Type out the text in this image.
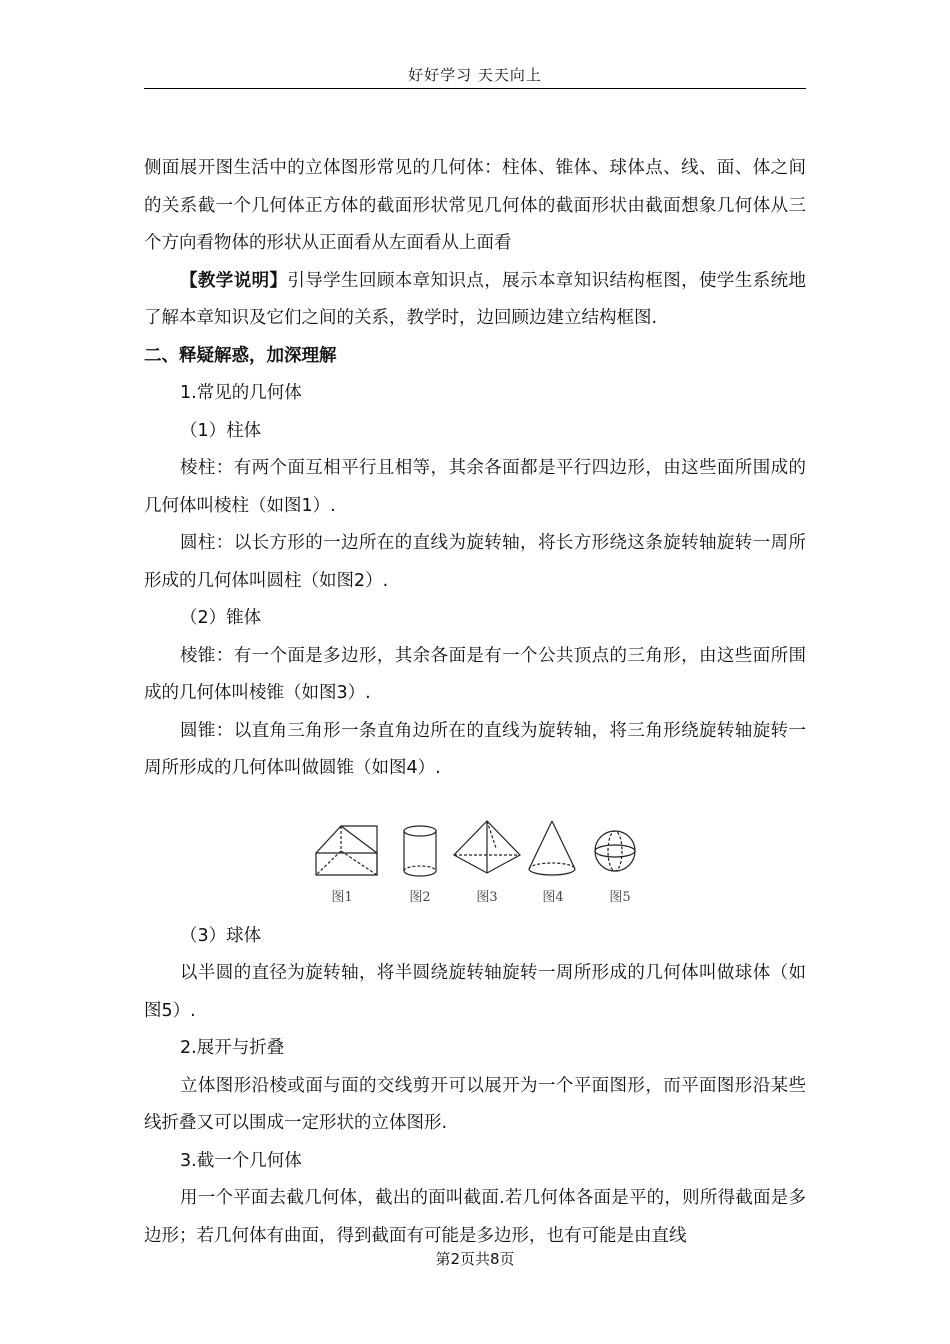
好好学习 天天向上

侧面展开图生活中的立体图形常见的几何体：柱体、锥体、球体点、线、面、体之间的关系截一个几何体正方体的截面形状常见几何体的截面形状由截面想象几何体从三个方向看物体的形状从正面看从左面看从上面看

【教学说明】引导学生回顾本章知识点，展示本章知识结构框图，使学生系统地了解本章知识及它们之间的关系，教学时，边回顾边建立结构框图.

二、释疑解惑，加深理解

1.常见的几何体

（1）柱体

棱柱：有两个面互相平行且相等，其余各面都是平行四边形，由这些面所围成的几何体叫棱柱（如图1）.

圆柱：以长方形的一边所在的直线为旋转轴，将长方形绕这条旋转轴旋转一周所形成的几何体叫圆柱（如图2）.

（2）锥体

棱锥：有一个面是多边形，其余各面是有一个公共顶点的三角形，由这些面所围成的几何体叫棱锥（如图3）.

圆锥：以直角三角形一条直角边所在的直线为旋转轴，将三角形绕旋转轴旋转一周所形成的几何体叫做圆锥（如图4）.

图1	图2	图3	图4	图5

（3）球体

以半圆的直径为旋转轴，将半圆绕旋转轴旋转一周所形成的几何体叫做球体（如图5）.

2.展开与折叠

立体图形沿棱或面与面的交线剪开可以展开为一个平面图形，而平面图形沿某些线折叠又可以围成一定形状的立体图形.

3.截一个几何体

用一个平面去截几何体，截出的面叫截面.若几何体各面是平的，则所得截面是多边形；若几何体有曲面，得到截面有可能是多边形，也有可能是由直线

第2页共8页
